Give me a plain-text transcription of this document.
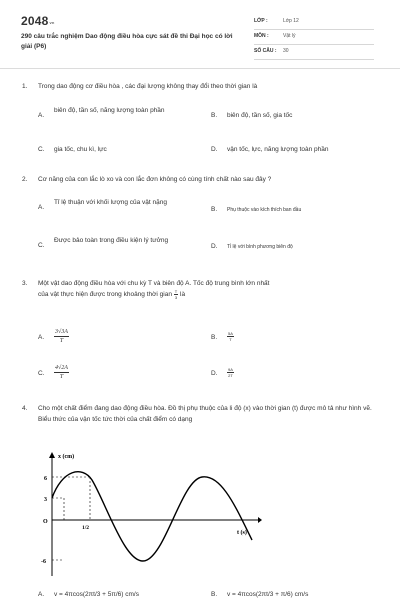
2048vn
290 câu trắc nghiệm Dao động điều hòa cực sát đề thi Đại học có lời giải (P6)
LỚP :	Lớp 12
MÔN :	Vật lý
SỐ CÂU : 30
1. Trong dao động cơ điều hòa , các đại lượng không thay đổi theo thời gian là
A.
biên độ, tần số, năng lượng toàn phần
B. biên độ, tần số, gia tốc
C. gia tốc, chu kì, lực	D. vận tốc, lực, năng lượng toàn phần
2. Cơ năng của con lắc lò xo và con lắc đơn không có cùng tính chất nào sau đây ?
A.
Tỉ lệ thuận với khối lượng của vật nặng
B. Phụ thuộc vào kích thích ban đầu
C.
Được bảo toàn trong điều kiện lý tưởng
D. Tỉ lệ với bình phương biên độ
3. Một vật dao động điều hòa với chu kỳ T và biên độ A. Tốc độ trung bình lớn nhất
của vật thực hiện được trong khoảng thời gian $\frac{T}{3}$ là
A. $\frac{3√3A}{T}$	B. $\frac{5A}{T}$
C. $\frac{4√2A}{T}$	D. $\frac{9A}{2T}$
4. Cho một chất điểm đang dao động điều hòa. Đồ thị phụ thuộc của li độ (x) vào thời gian (t) được mô tả như hình vẽ. Biểu thức của vận tốc tức thời của chất điểm có dạng
x (cm)
t (s)
6
3
-6
O
1/2
A. v = 4πcos(2πt/3 + 5π/6) cm/s	B. v = 4πcos(2πt/3 + π/6) cm/s
